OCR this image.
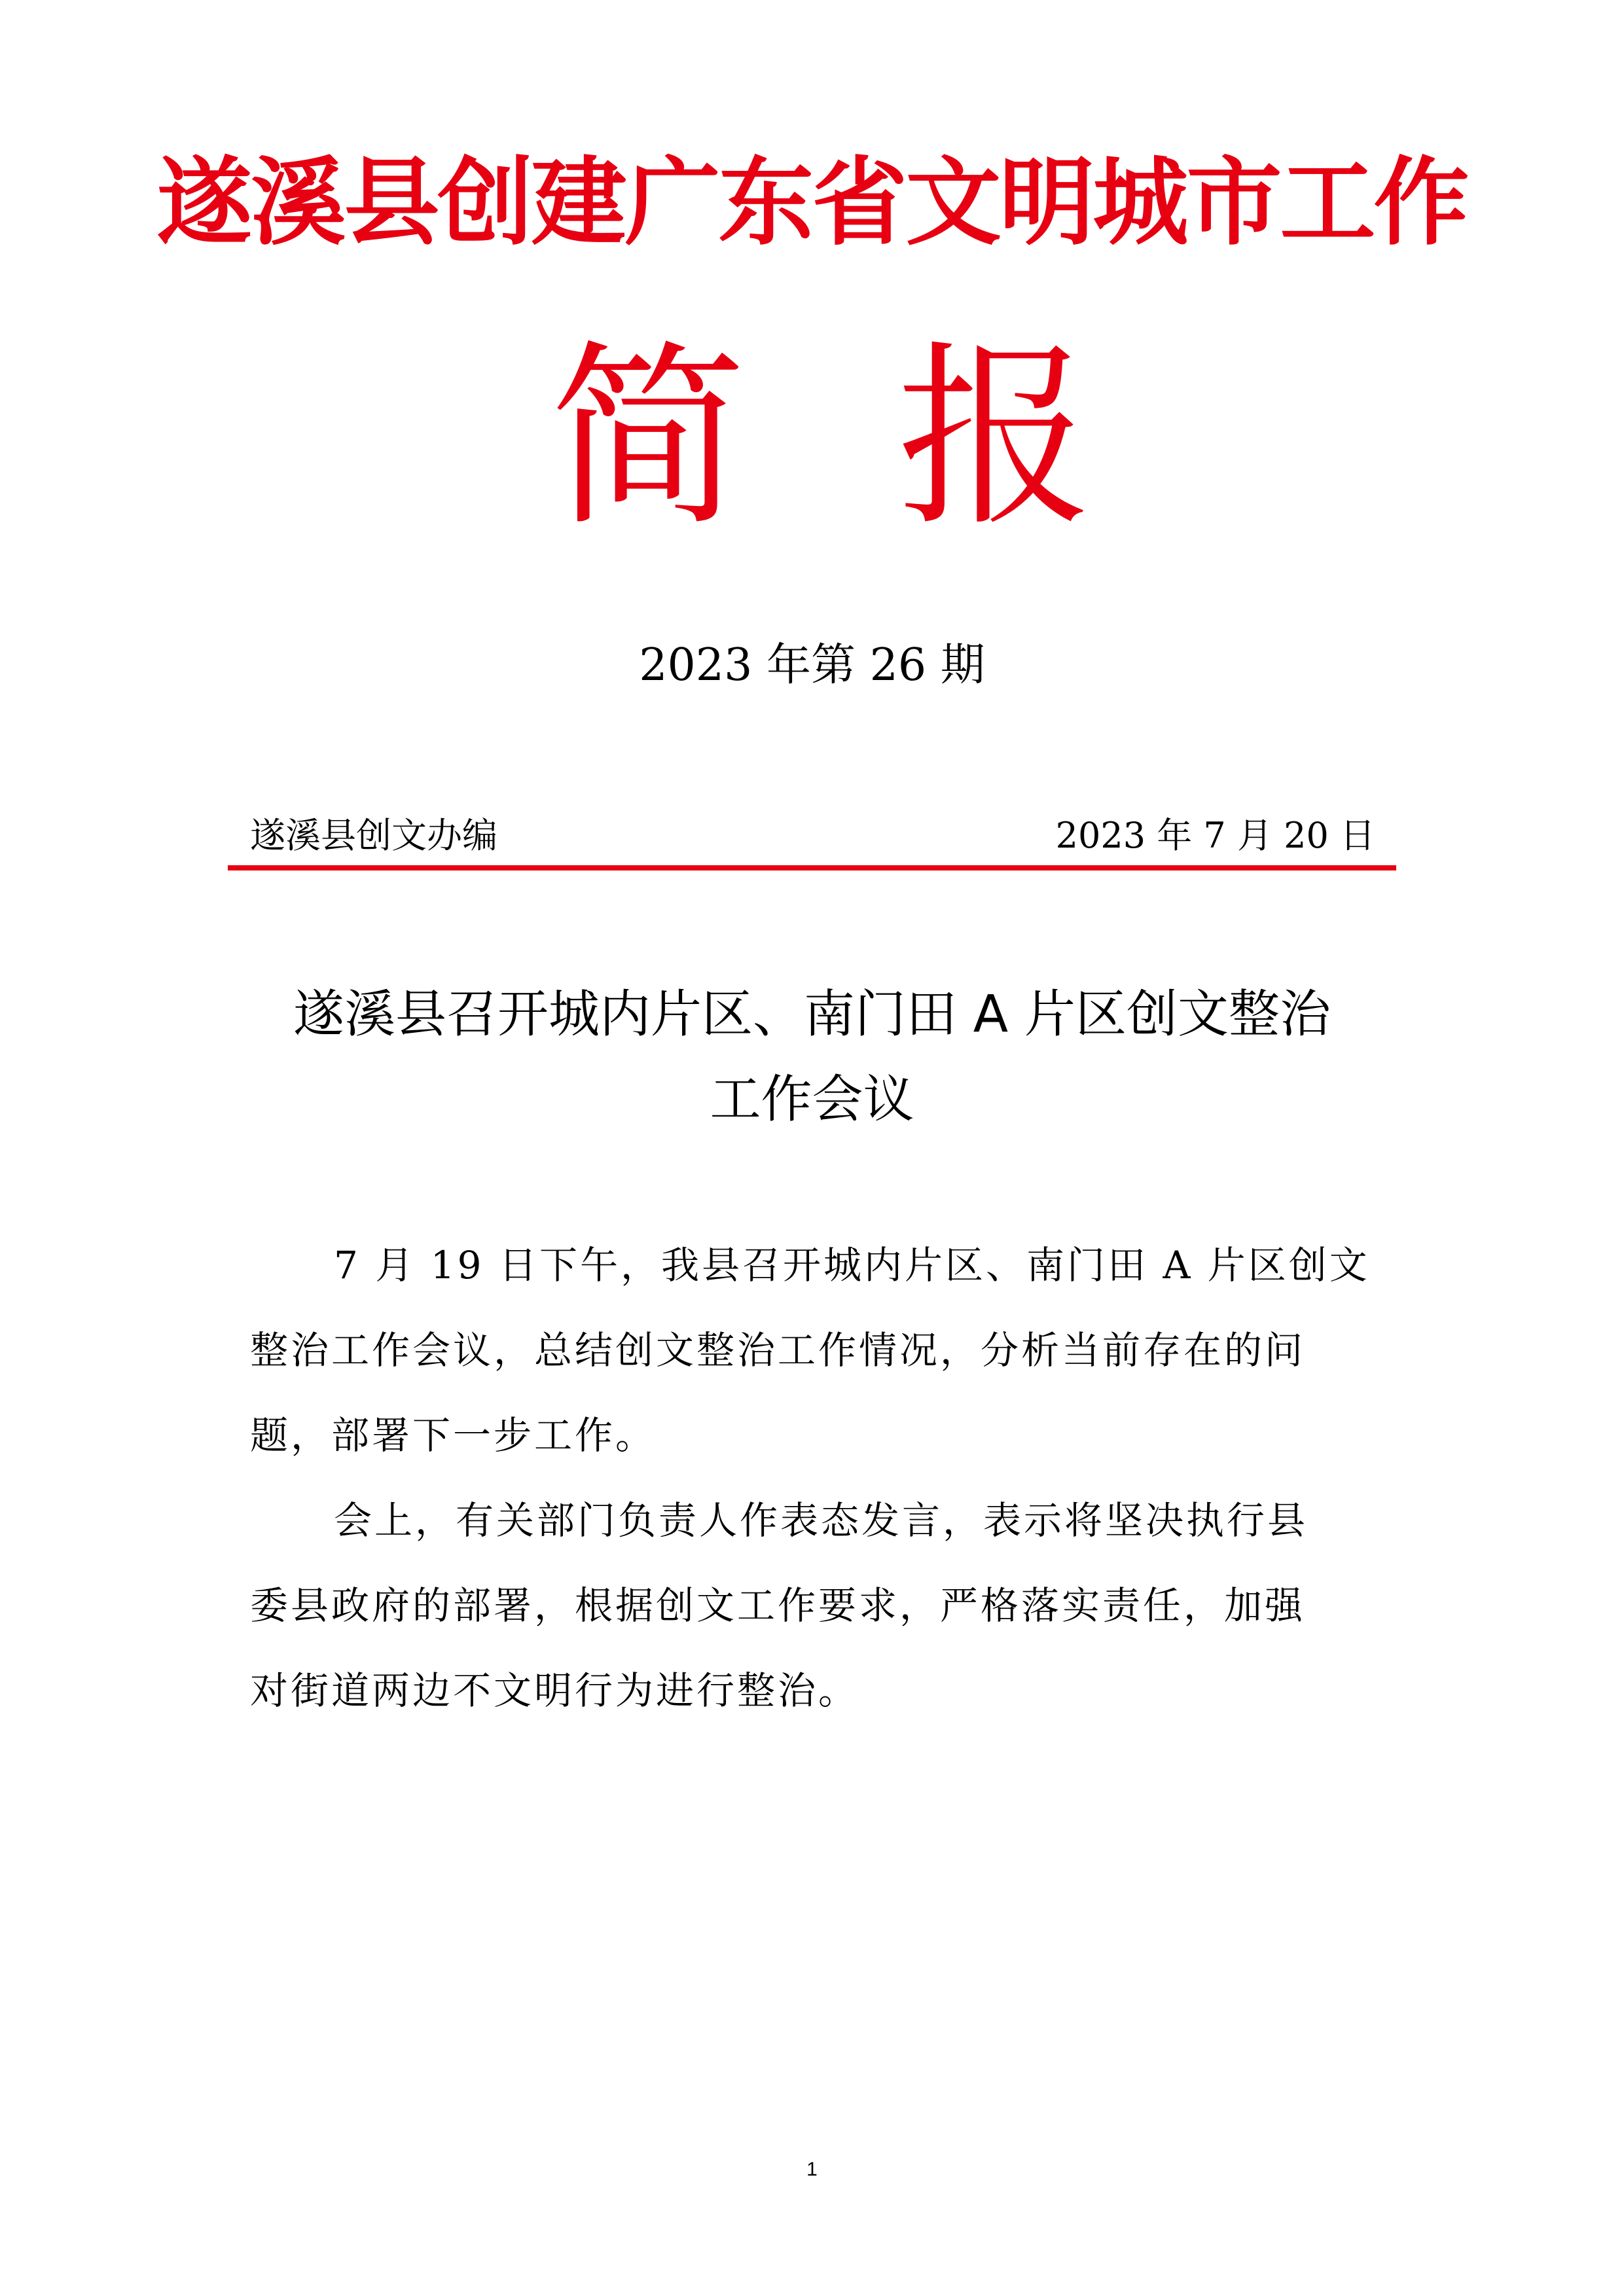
遂溪县创建广东省文明城市工作
简 报
2023 年第 26 期
遂溪县创文办编	2023 年 7 月 20 日
遂溪县召开城内片区、南门田 A 片区创文整治
工作会议
7 月 19 日下午，我县召开城内片区、南门田 A 片区创文
整治工作会议，总结创文整治工作情况，分析当前存在的问
题，部署下一步工作。
会上，有关部门负责人作表态发言，表示将坚决执行县
委县政府的部署，根据创文工作要求，严格落实责任，加强
对街道两边不文明行为进行整治。
1
